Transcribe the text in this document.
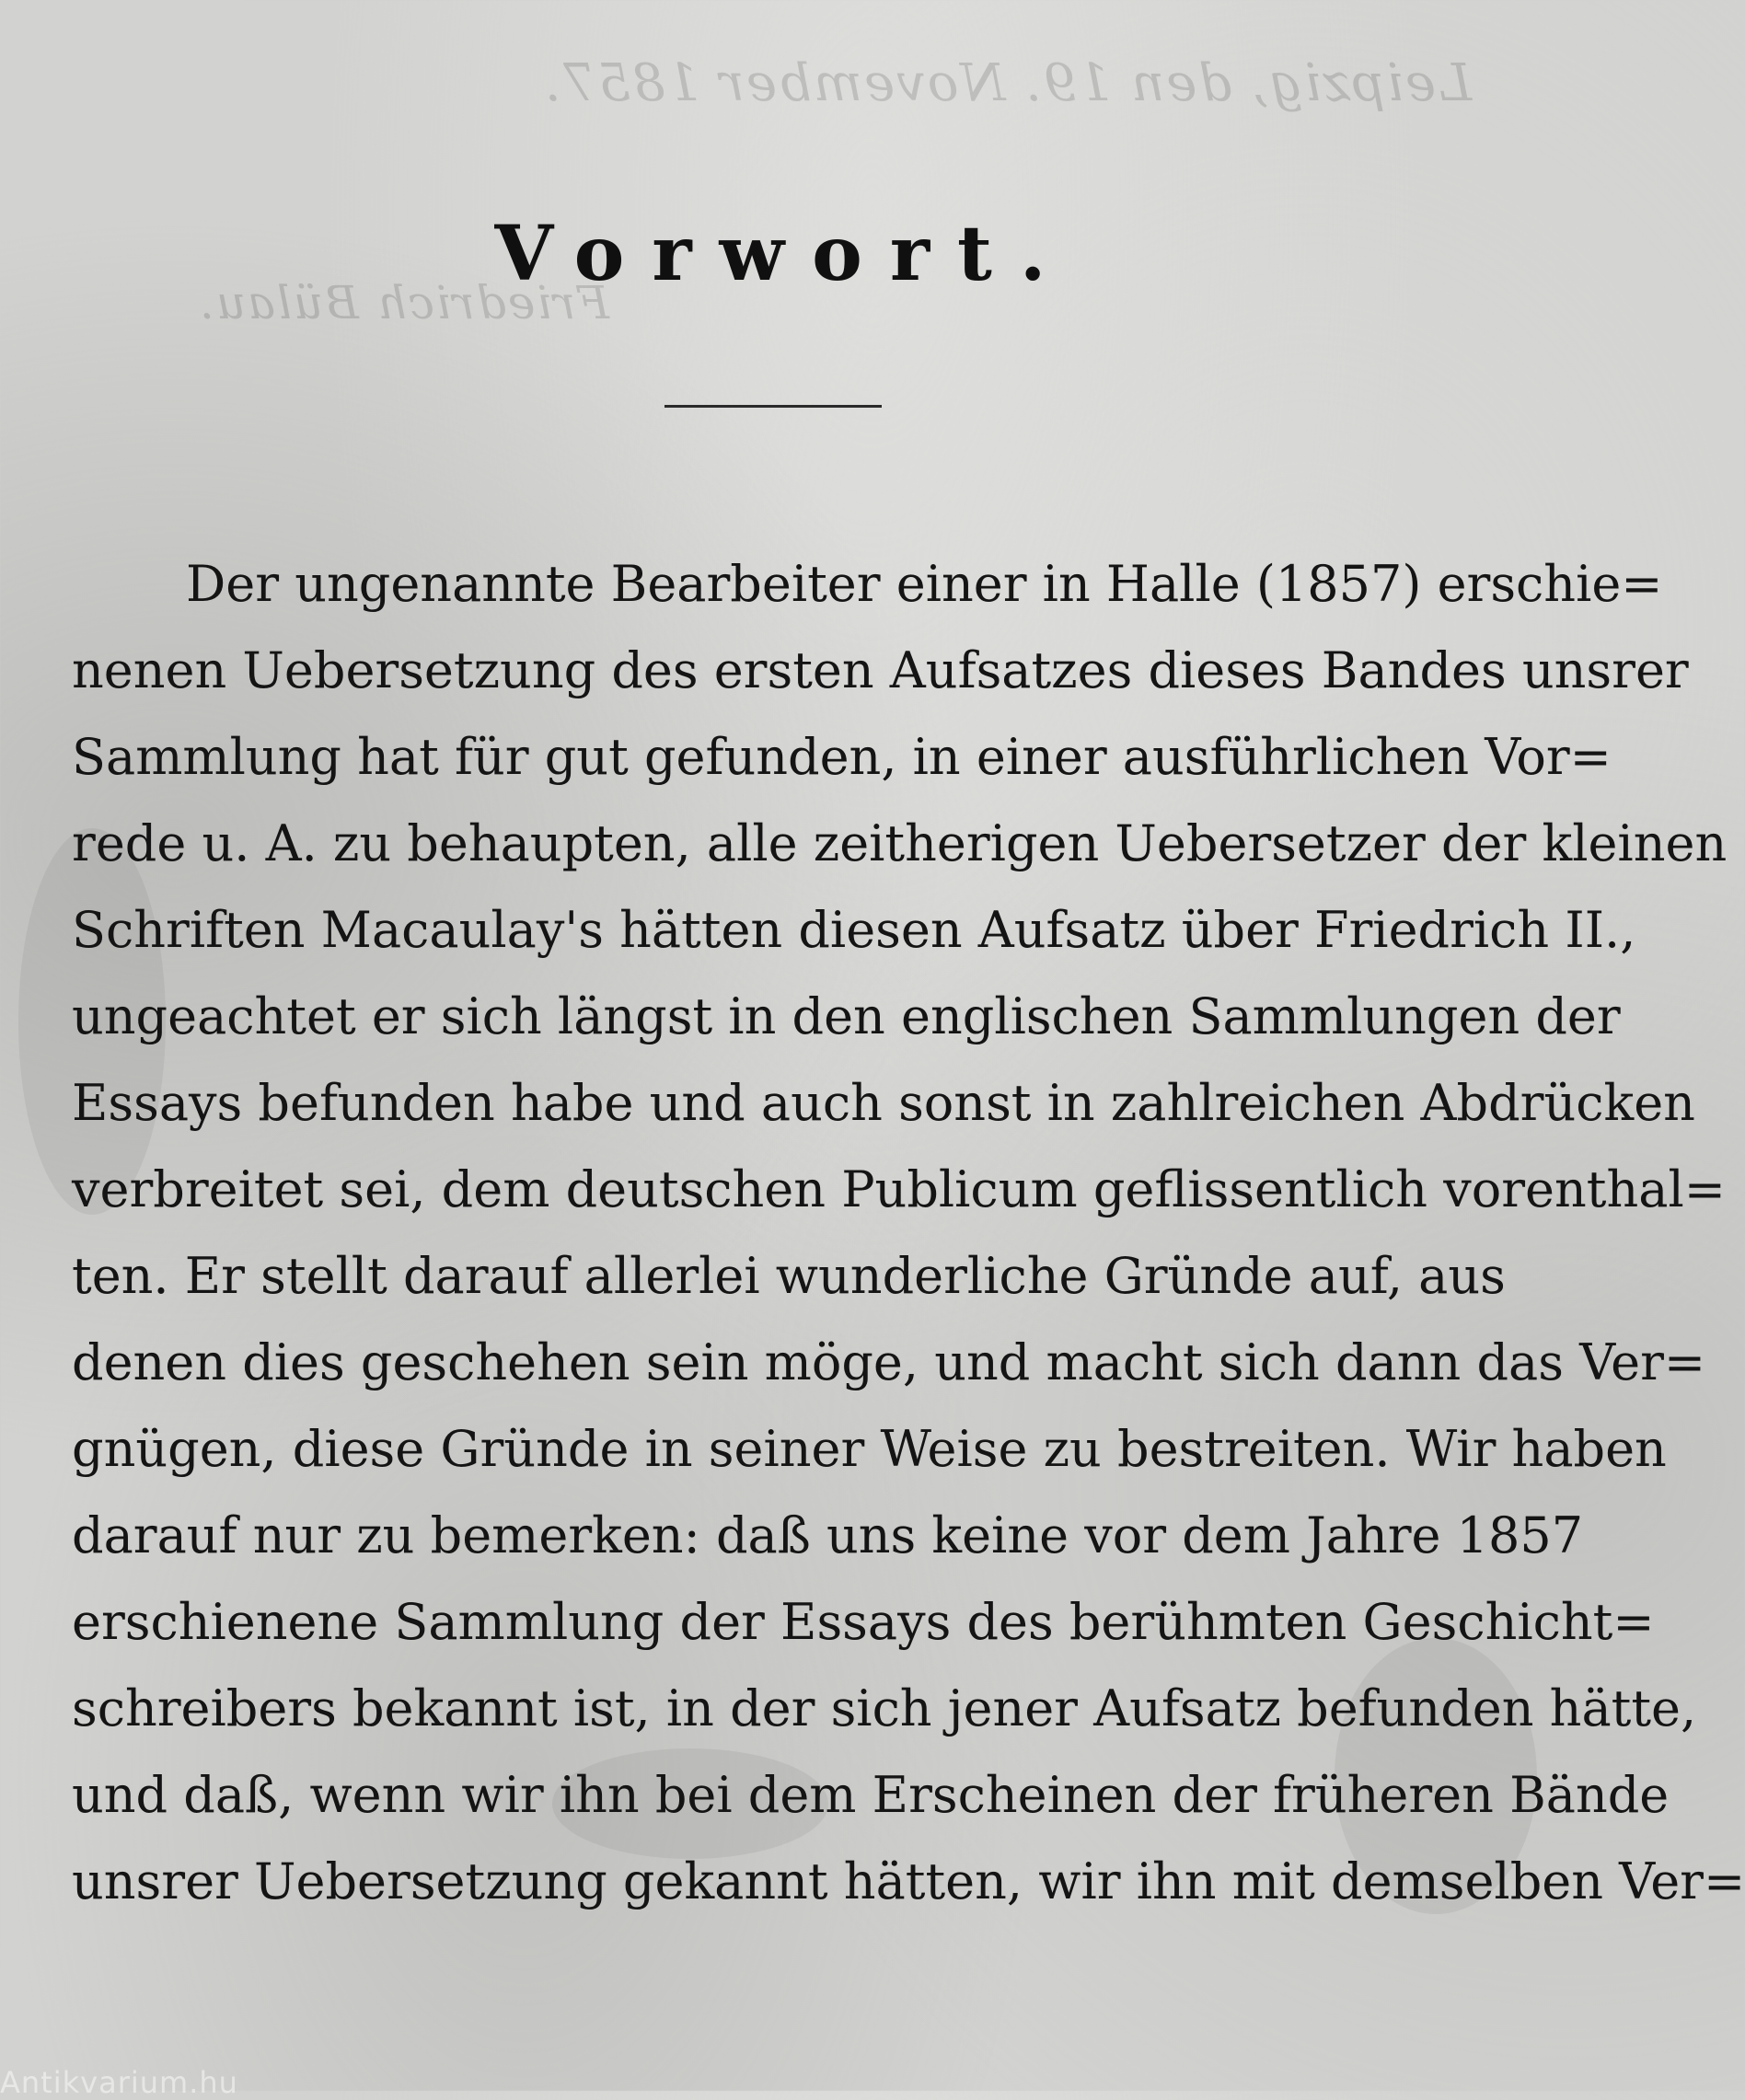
Leipzig, den 19. November 1857.
Friedrich Bülau.
Vorwort.
Der ungenannte Bearbeiter einer in Halle (1857) erschie=
nenen Uebersetzung des ersten Aufsatzes dieses Bandes unsrer
Sammlung hat für gut gefunden, in einer ausführlichen Vor=
rede u. A. zu behaupten, alle zeitherigen Uebersetzer der kleinen
Schriften Macaulay's hätten diesen Aufsatz über Friedrich II.,
ungeachtet er sich längst in den englischen Sammlungen der
Essays befunden habe und auch sonst in zahlreichen Abdrücken
verbreitet sei, dem deutschen Publicum geflissentlich vorenthal=
ten. Er stellt darauf allerlei wunderliche Gründe auf, aus
denen dies geschehen sein möge, und macht sich dann das Ver=
gnügen, diese Gründe in seiner Weise zu bestreiten. Wir haben
darauf nur zu bemerken: daß uns keine vor dem Jahre 1857
erschienene Sammlung der Essays des berühmten Geschicht=
schreibers bekannt ist, in der sich jener Aufsatz befunden hätte,
und daß, wenn wir ihn bei dem Erscheinen der früheren Bände
unsrer Uebersetzung gekannt hätten, wir ihn mit demselben Ver=
Antikvarium.hu
